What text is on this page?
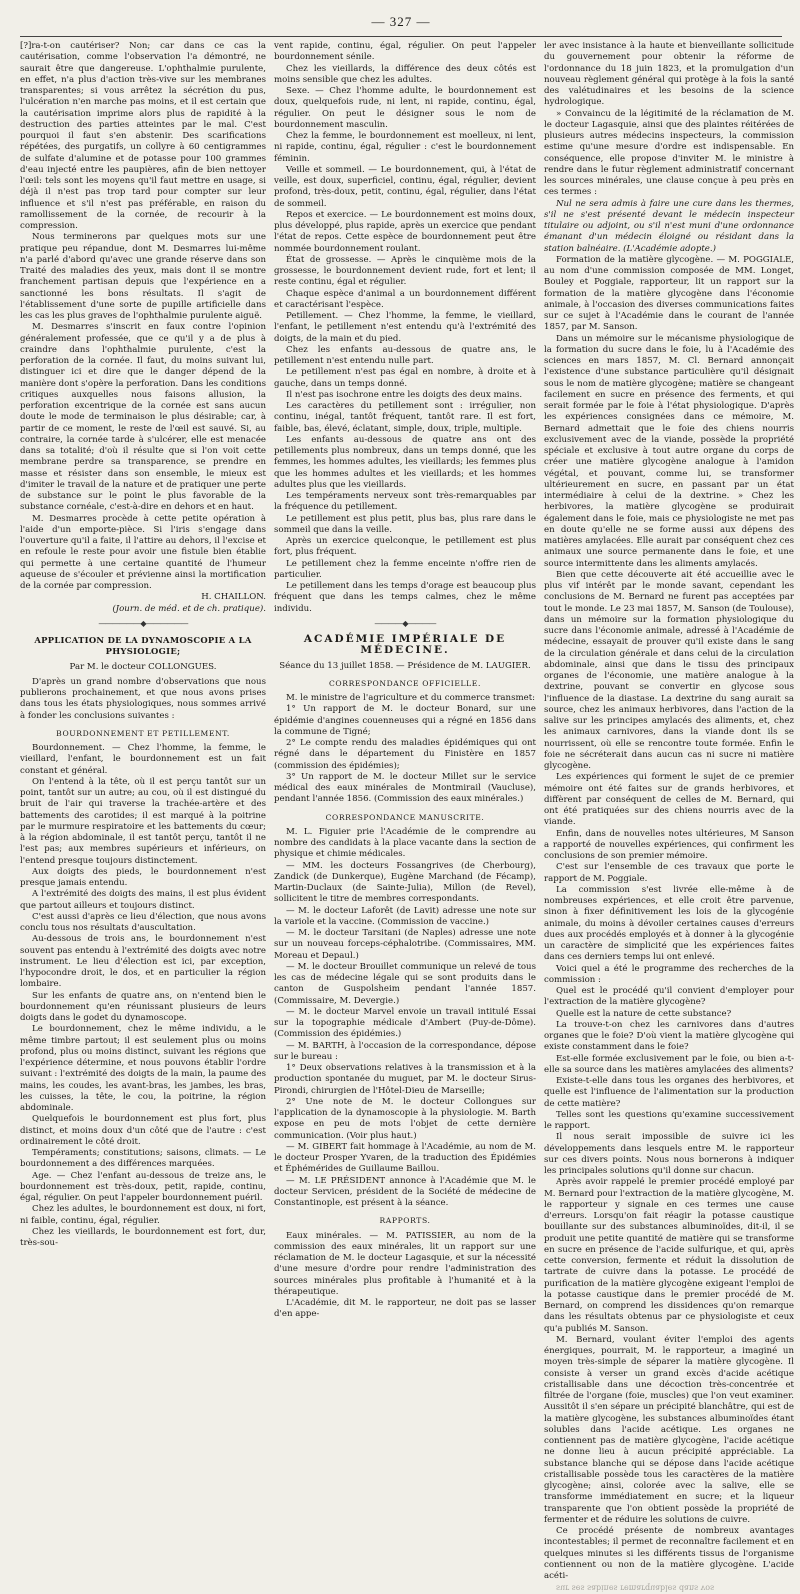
— 327 —

[?]ra-t-on cautériser? Non; car dans ce cas la cautérisation, comme l'observation l'a démontré, ne saurait être que dangereuse. L'ophthalmie purulente, en effet, n'a plus d'action très-vive sur les membranes transparentes; si vous arrêtez la sécrétion du pus, l'ulcération n'en marche pas moins, et il est certain que la cautérisation imprime alors plus de rapidité à la destruction des parties atteintes par le mal. C'est pourquoi il faut s'en abstenir. Des scarifications répétées, des purgatifs, un collyre à 60 centigrammes de sulfate d'alumine et de potasse pour 100 grammes d'eau injecté entre les paupières, afin de bien nettoyer l'œil: tels sont les moyens qu'il faut mettre en usage, si déjà il n'est pas trop tard pour compter sur leur influence et s'il n'est pas préférable, en raison du ramollissement de la cornée, de recourir à la compression.

Nous terminerons par quelques mots sur une pratique peu répandue, dont M. Desmarres lui-même n'a parlé d'abord qu'avec une grande réserve dans son Traité des maladies des yeux, mais dont il se montre franchement partisan depuis que l'expérience en a sanctionné les bons résultats. Il s'agit de l'établissement d'une sorte de pupille artificielle dans les cas les plus graves de l'ophthalmie purulente aiguë.

M. Desmarres s'inscrit en faux contre l'opinion généralement professée, que ce qu'il y a de plus à craindre dans l'ophthalmie purulente, c'est la perforation de la cornée. Il faut, du moins suivant lui, distinguer ici et dire que le danger dépend de la manière dont s'opère la perforation. Dans les conditions critiques auxquelles nous faisons allusion, la perforation excentrique de la cornée est sans aucun doute le mode de terminaison le plus désirable; car, à partir de ce moment, le reste de l'œil est sauvé. Si, au contraire, la cornée tarde à s'ulcérer, elle est menacée dans sa totalité; d'où il résulte que si l'on voit cette membrane perdre sa transparence, se prendre en masse et résister dans son ensemble, le mieux est d'imiter le travail de la nature et de pratiquer une perte de substance sur le point le plus favorable de la substance cornéale, c'est-à-dire en dehors et en haut.

M. Desmarres procède à cette petite opération à l'aide d'un emporte-pièce. Si l'iris s'engage dans l'ouverture qu'il a faite, il l'attire au dehors, il l'excise et en refoule le reste pour avoir une fistule bien établie qui permette à une certaine quantité de l'humeur aqueuse de s'écouler et prévienne ainsi la mortification de la cornée par compression.

H. CHAILLON.
(Journ. de méd. et de ch. pratique).
——————◆——————
APPLICATION DE LA DYNAMOSCOPIE A LA PHYSIOLOGIE;
Par M. le docteur COLLONGUES.

D'après un grand nombre d'observations que nous publierons prochainement, et que nous avons prises dans tous les états physiologiques, nous sommes arrivé à fonder les conclusions suivantes :

BOURDONNEMENT ET PETILLEMENT.

Bourdonnement. — Chez l'homme, la femme, le vieillard, l'enfant, le bourdonnement est un fait constant et général.

On l'entend à la tête, où il est perçu tantôt sur un point, tantôt sur un autre; au cou, où il est distingué du bruit de l'air qui traverse la trachée-artère et des battements des carotides; il est marqué à la poitrine par le murmure respiratoire et les battements du cœur; à la région abdominale, il est tantôt perçu, tantôt il ne l'est pas; aux membres supérieurs et inférieurs, on l'entend presque toujours distinctement.

Aux doigts des pieds, le bourdonnement n'est presque jamais entendu.

A l'extrémité des doigts des mains, il est plus évident que partout ailleurs et toujours distinct.

C'est aussi d'après ce lieu d'élection, que nous avons conclu tous nos résultats d'auscultation.

Au-dessous de trois ans, le bourdonnement n'est souvent pas entendu à l'extrémité des doigts avec notre instrument. Le lieu d'élection est ici, par exception, l'hypocondre droit, le dos, et en particulier la région lombaire.

Sur les enfants de quatre ans, on n'entend bien le bourdonnement qu'en réunissant plusieurs de leurs doigts dans le godet du dynamoscope.

Le bourdonnement, chez le même individu, a le même timbre partout; il est seulement plus ou moins profond, plus ou moins distinct, suivant les régions que l'expérience détermine, et nous pouvons établir l'ordre suivant : l'extrémité des doigts de la main, la paume des mains, les coudes, les avant-bras, les jambes, les bras, les cuisses, la tête, le cou, la poitrine, la région abdominale.

Quelquefois le bourdonnement est plus fort, plus distinct, et moins doux d'un côté que de l'autre : c'est ordinairement le côté droit.

Tempéraments; constitutions; saisons, climats. — Le bourdonnement a des différences marquées.

Age. — Chez l'enfant au-dessous de treize ans, le bourdonnement est très-doux, petit, rapide, continu, égal, régulier. On peut l'appeler bourdonnement puéril.

Chez les adultes, le bourdonnement est doux, ni fort, ni faible, continu, égal, régulier.

Chez les vieillards, le bourdonnement est fort, dur, très-sou-

vent rapide, continu, égal, régulier. On peut l'appeler bourdonnement sénile.

Chez les vieillards, la différence des deux côtés est moins sensible que chez les adultes.

Sexe. — Chez l'homme adulte, le bourdonnement est doux, quelquefois rude, ni lent, ni rapide, continu, égal, régulier. On peut le désigner sous le nom de bourdonnement masculin.

Chez la femme, le bourdonnement est moelleux, ni lent, ni rapide, continu, égal, régulier : c'est le bourdonnement féminin.

Veille et sommeil. — Le bourdonnement, qui, à l'état de veille, est doux, superficiel, continu, égal, régulier, devient profond, très-doux, petit, continu, égal, régulier, dans l'état de sommeil.

Repos et exercice. — Le bourdonnement est moins doux, plus développé, plus rapide, après un exercice que pendant l'état de repos. Cette espèce de bourdonnement peut être nommée bourdonnement roulant.

État de grossesse. — Après le cinquième mois de la grossesse, le bourdonnement devient rude, fort et lent; il reste continu, égal et régulier.

Chaque espèce d'animal a un bourdonnement différent et caractérisant l'espèce.

Petillement. — Chez l'homme, la femme, le vieillard, l'enfant, le petillement n'est entendu qu'à l'extrémité des doigts, de la main et du pied.

Chez les enfants au-dessous de quatre ans, le petillement n'est entendu nulle part.

Le petillement n'est pas égal en nombre, à droite et à gauche, dans un temps donné.

Il n'est pas isochrone entre les doigts des deux mains.

Les caractères du petillement sont : irrégulier, non continu, inégal, tantôt fréquent, tantôt rare. Il est fort, faible, bas, élevé, éclatant, simple, doux, triple, multiple.

Les enfants au-dessous de quatre ans ont des petillements plus nombreux, dans un temps donné, que les femmes, les hommes adultes, les vieillards; les femmes plus que les hommes adultes et les vieillards; et les hommes adultes plus que les vieillards.

Les tempéraments nerveux sont très-remarquables par la fréquence du petillement.

Le petillement est plus petit, plus bas, plus rare dans le sommeil que dans la veille.

Après un exercice quelconque, le petillement est plus fort, plus fréquent.

Le petillement chez la femme enceinte n'offre rien de particulier.

Le petillement dans les temps d'orage est beaucoup plus fréquent que dans les temps calmes, chez le même individu.

————◆————
ACADÉMIE IMPÉRIALE DE MÉDECINE.
Séance du 13 juillet 1858. — Présidence de M. LAUGIER.
CORRESPONDANCE OFFICIELLE.

M. le ministre de l'agriculture et du commerce transmet:

1° Un rapport de M. le docteur Bonard, sur une épidémie d'angines couenneuses qui a régné en 1856 dans la commune de Tigné;

2° Le compte rendu des maladies épidémiques qui ont régné dans le département du Finistère en 1857 (commission des épidémies);

3° Un rapport de M. le docteur Millet sur le service médical des eaux minérales de Montmirail (Vaucluse), pendant l'année 1856. (Commission des eaux minérales.)

CORRESPONDANCE MANUSCRITE.

M. L. Figuier prie l'Académie de le comprendre au nombre des candidats à la place vacante dans la section de physique et chimie médicales.

— MM. les docteurs Fossangrives (de Cherbourg), Zandick (de Dunkerque), Eugène Marchand (de Fécamp), Martin-Duclaux (de Sainte-Julia), Millon (de Revel), sollicitent le titre de membres correspondants.

— M. le docteur Laforêt (de Lavit) adresse une note sur la variole et la vaccine. (Commission de vaccine.)

— M. le docteur Tarsitani (de Naples) adresse une note sur un nouveau forceps-céphalotribe. (Commissaires, MM. Moreau et Depaul.)

— M. le docteur Brouillet communique un relevé de tous les cas de médecine légale qui se sont produits dans le canton de Guspolsheim pendant l'année 1857. (Commissaire, M. Devergie.)

— M. le docteur Marvel envoie un travail intitulé Essai sur la topographie médicale d'Ambert (Puy-de-Dôme). (Commission des épidémies.)

— M. BARTH, à l'occasion de la correspondance, dépose sur le bureau :

1° Deux observations relatives à la transmission et à la production spontanée du muguet, par M. le docteur Sirus-Pirondi, chirurgien de l'Hôtel-Dieu de Marseille;

2° Une note de M. le docteur Collongues sur l'application de la dynamoscopie à la physiologie. M. Barth expose en peu de mots l'objet de cette dernière communication. (Voir plus haut.)

— M. GIBERT fait hommage à l'Académie, au nom de M. le docteur Prosper Yvaren, de la traduction des Épidémies et Éphémérides de Guillaume Baillou.

— M. LE PRÉSIDENT annonce à l'Académie que M. le docteur Servicen, président de la Société de médecine de Constantinople, est présent à la séance.

RAPPORTS.

Eaux minérales. — M. PATISSIER, au nom de la commission des eaux minérales, lit un rapport sur une réclamation de M. le docteur Lagasquie, et sur la nécessité d'une mesure d'ordre pour rendre l'administration des sources minérales plus profitable à l'humanité et à la thérapeutique.

L'Académie, dit M. le rapporteur, ne doit pas se lasser d'en appe-

ler avec insistance à la haute et bienveillante sollicitude du gouvernement pour obtenir la réforme de l'ordonnance du 18 juin 1823, et la promulgation d'un nouveau règlement général qui protège à la fois la santé des valétudinaires et les besoins de la science hydrologique.

» Convaincu de la légitimité de la réclamation de M. le docteur Lagasquie, ainsi que des plaintes réitérées de plusieurs autres médecins inspecteurs, la commission estime qu'une mesure d'ordre est indispensable. En conséquence, elle propose d'inviter M. le ministre à rendre dans le futur règlement administratif concernant les sources minérales, une clause conçue à peu près en ces termes :

Nul ne sera admis à faire une cure dans les thermes, s'il ne s'est présenté devant le médecin inspecteur titulaire ou adjoint, ou s'il n'est muni d'une ordonnance émanant d'un médecin éloigné ou résidant dans la station balnéaire. (L'Académie adopte.)

Formation de la matière glycogène. — M. POGGIALE, au nom d'une commission composée de MM. Longet, Bouley et Poggiale, rapporteur, lit un rapport sur la formation de la matière glycogène dans l'économie animale, à l'occasion des diverses communications faites sur ce sujet à l'Académie dans le courant de l'année 1857, par M. Sanson.

Dans un mémoire sur le mécanisme physiologique de la formation du sucre dans le foie, lu à l'Académie des sciences en mars 1857, M. Cl. Bernard annonçait l'existence d'une substance particulière qu'il désignait sous le nom de matière glycogène; matière se changeant facilement en sucre en présence des ferments, et qui serait formée par le foie à l'état physiologique. D'après les expériences consignées dans ce mémoire, M. Bernard admettait que le foie des chiens nourris exclusivement avec de la viande, possède la propriété spéciale et exclusive à tout autre organe du corps de créer une matière glycogène analogue à l'amidon végétal, et pouvant, comme lui, se transformer ultérieurement en sucre, en passant par un état intermédiaire à celui de la dextrine. » Chez les herbivores, la matière glycogène se produirait également dans le foie, mais ce physiologiste ne met pas en doute qu'elle ne se forme aussi aux dépens des matières amylacées. Elle aurait par conséquent chez ces animaux une source permanente dans le foie, et une source intermittente dans les aliments amylacés.

Bien que cette découverte ait été accueillie avec le plus vif intérêt par le monde savant, cependant les conclusions de M. Bernard ne furent pas acceptées par tout le monde. Le 23 mai 1857, M. Sanson (de Toulouse), dans un mémoire sur la formation physiologique du sucre dans l'économie animale, adressé à l'Académie de médecine, essayait de prouver qu'il existe dans le sang de la circulation générale et dans celui de la circulation abdominale, ainsi que dans le tissu des principaux organes de l'économie, une matière analogue à la dextrine, pouvant se convertir en glycose sous l'influence de la diastase. La dextrine du sang aurait sa source, chez les animaux herbivores, dans l'action de la salive sur les principes amylacés des aliments, et, chez les animaux carnivores, dans la viande dont ils se nourrissent, où elle se rencontre toute formée. Enfin le foie ne sécréterait dans aucun cas ni sucre ni matière glycogène.

Les expériences qui forment le sujet de ce premier mémoire ont été faites sur de grands herbivores, et diffèrent par conséquent de celles de M. Bernard, qui ont été pratiquées sur des chiens nourris avec de la viande.

Enfin, dans de nouvelles notes ultérieures, M Sanson a rapporté de nouvelles expériences, qui confirment les conclusions de son premier mémoire.

C'est sur l'ensemble de ces travaux que porte le rapport de M. Poggiale.

La commission s'est livrée elle-même à de nombreuses expériences, et elle croit être parvenue, sinon à fixer définitivement les lois de la glycogénie animale, du moins à dévoiler certaines causes d'erreurs dues aux procédés employés et à donner à la glycogénie un caractère de simplicité que les expériences faites dans ces derniers temps lui ont enlevé.

Voici quel a été le programme des recherches de la commission :

Quel est le procédé qu'il convient d'employer pour l'extraction de la matière glycogène?

Quelle est la nature de cette substance?

La trouve-t-on chez les carnivores dans d'autres organes que le foie? D'où vient la matière glycogène qui existe constamment dans le foie?

Est-elle formée exclusivement par le foie, ou bien a-t-elle sa source dans les matières amylacées des aliments?

Existe-t-elle dans tous les organes des herbivores, et quelle est l'influence de l'alimentation sur la production de cette matière?

Telles sont les questions qu'examine successivement le rapport.

Il nous serait impossible de suivre ici les développements dans lesquels entre M. le rapporteur sur ces divers points. Nous nous bornerons à indiquer les principales solutions qu'il donne sur chacun.

Après avoir rappelé le premier procédé employé par M. Bernard pour l'extraction de la matière glycogène, M. le rapporteur y signale en ces termes une cause d'erreurs. Lorsqu'on fait réagir la potasse caustique bouillante sur des substances albuminoïdes, dit-il, il se produit une petite quantité de matière qui se transforme en sucre en présence de l'acide sulfurique, et qui, après cette conversion, fermente et réduit la dissolution de tartrate de cuivre dans la potasse. Le procédé de purification de la matière glycogène exigeant l'emploi de la potasse caustique dans le premier procédé de M. Bernard, on comprend les dissidences qu'on remarque dans les résultats obtenus par ce physiologiste et ceux qu'a publiés M. Sanson.

M. Bernard, voulant éviter l'emploi des agents énergiques, pourrait, M. le rapporteur, a imaginé un moyen très-simple de séparer la matière glycogène. Il consiste à verser un grand excès d'acide acétique cristallisable dans une décoction très-concentrée et filtrée de l'organe (foie, muscles) que l'on veut examiner. Aussitôt il s'en sépare un précipité blanchâtre, qui est de la matière glycogène, les substances albuminoïdes étant solubles dans l'acide acétique. Les organes ne contiennent pas de matière glycogène, l'acide acétique ne donne lieu à aucun précipité appréciable. La substance blanche qui se dépose dans l'acide acétique cristallisable possède tous les caractères de la matière glycogène; ainsi, colorée avec la salive, elle se transforme immédiatement en sucre; et la liqueur transparente que l'on obtient possède la propriété de fermenter et de réduire les solutions de cuivre.

Ce procédé présente de nombreux avantages incontestables; il permet de reconnaître facilement et en quelques minutes si les différents tissus de l'organisme contiennent ou non de la matière glycogène. L'acide acéti-

sur ses sabines remarquables dans vos
